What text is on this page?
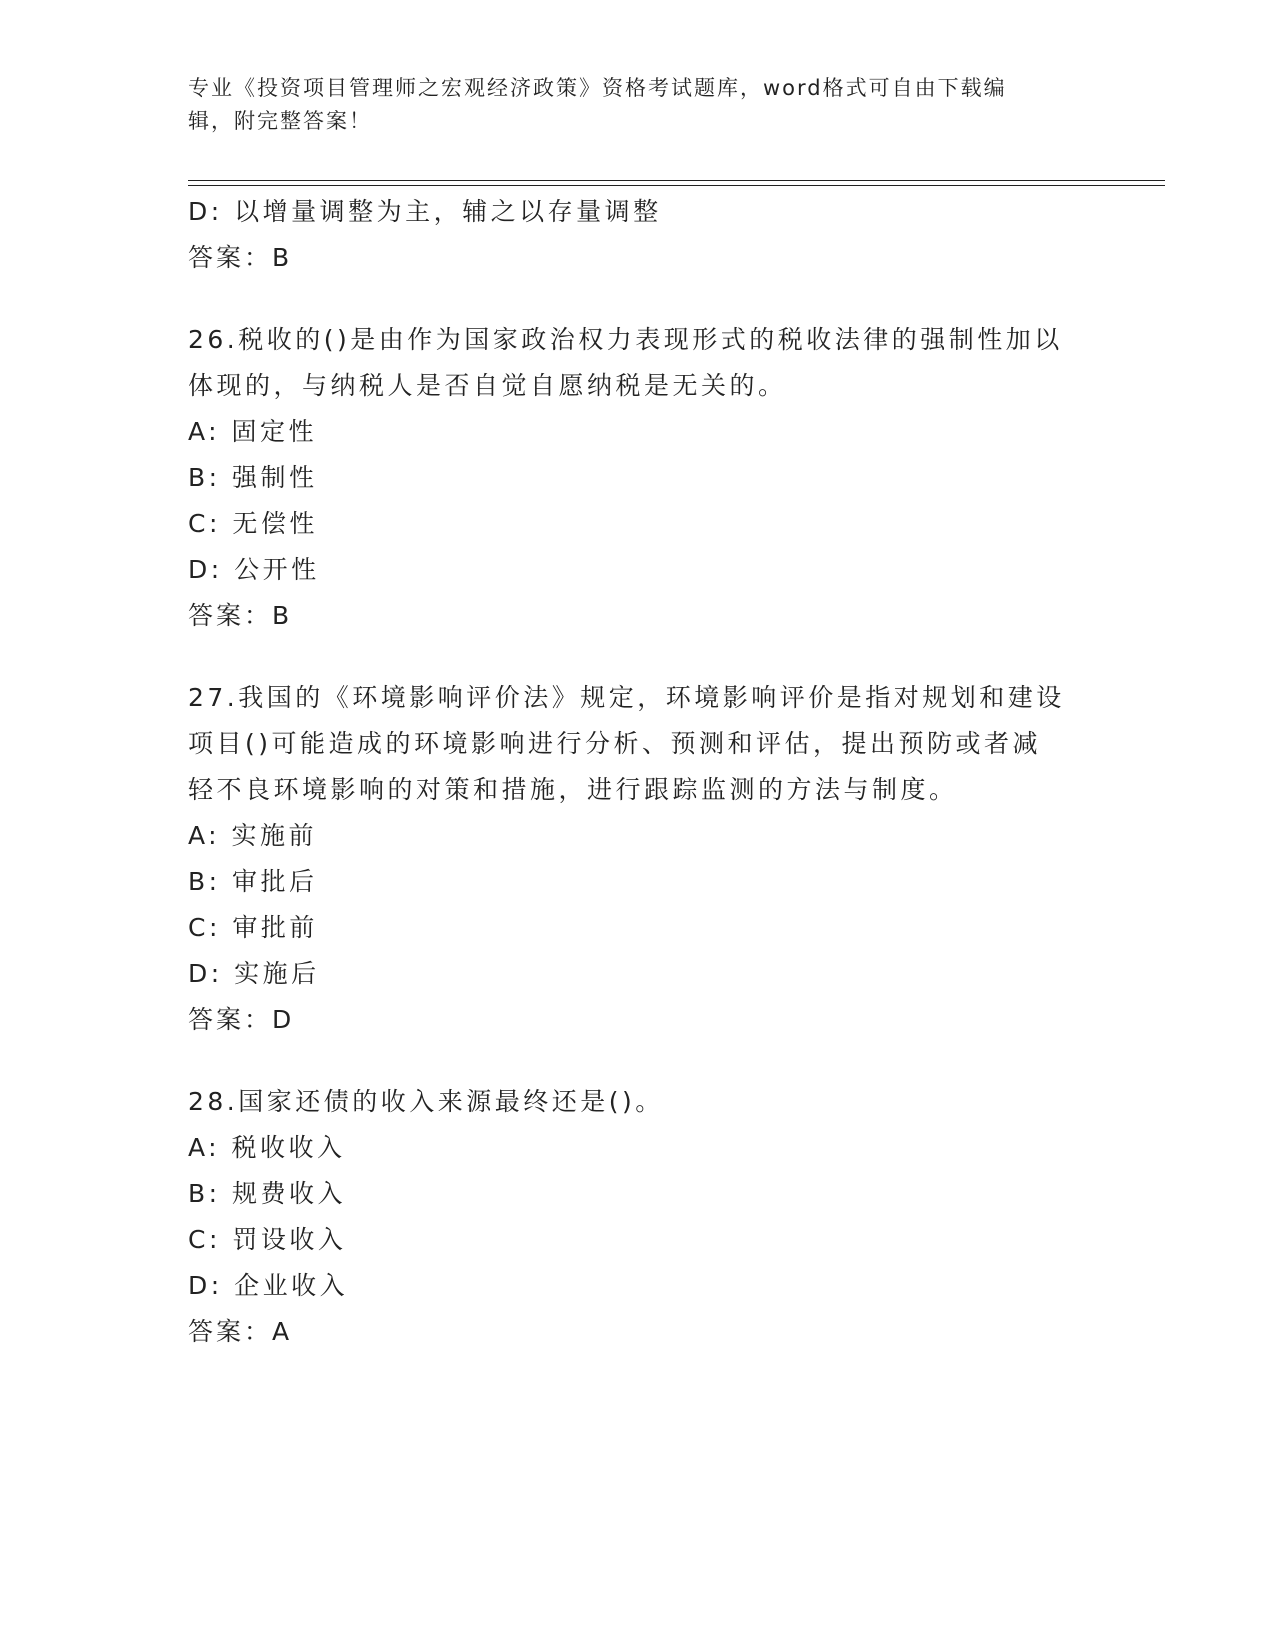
专业《投资项目管理师之宏观经济政策》资格考试题库，word格式可自由下载编
辑，附完整答案！
D: 以增量调整为主，辅之以存量调整
答案：B
26.税收的()是由作为国家政治权力表现形式的税收法律的强制性加以
体现的，与纳税人是否自觉自愿纳税是无关的。
A: 固定性
B: 强制性
C: 无偿性
D: 公开性
答案：B
27.我国的《环境影响评价法》规定，环境影响评价是指对规划和建设
项目()可能造成的环境影响进行分析、预测和评估，提出预防或者减
轻不良环境影响的对策和措施，进行跟踪监测的方法与制度。
A: 实施前
B: 审批后
C: 审批前
D: 实施后
答案：D
28.国家还债的收入来源最终还是()。
A: 税收收入
B: 规费收入
C: 罚设收入
D: 企业收入
答案：A
